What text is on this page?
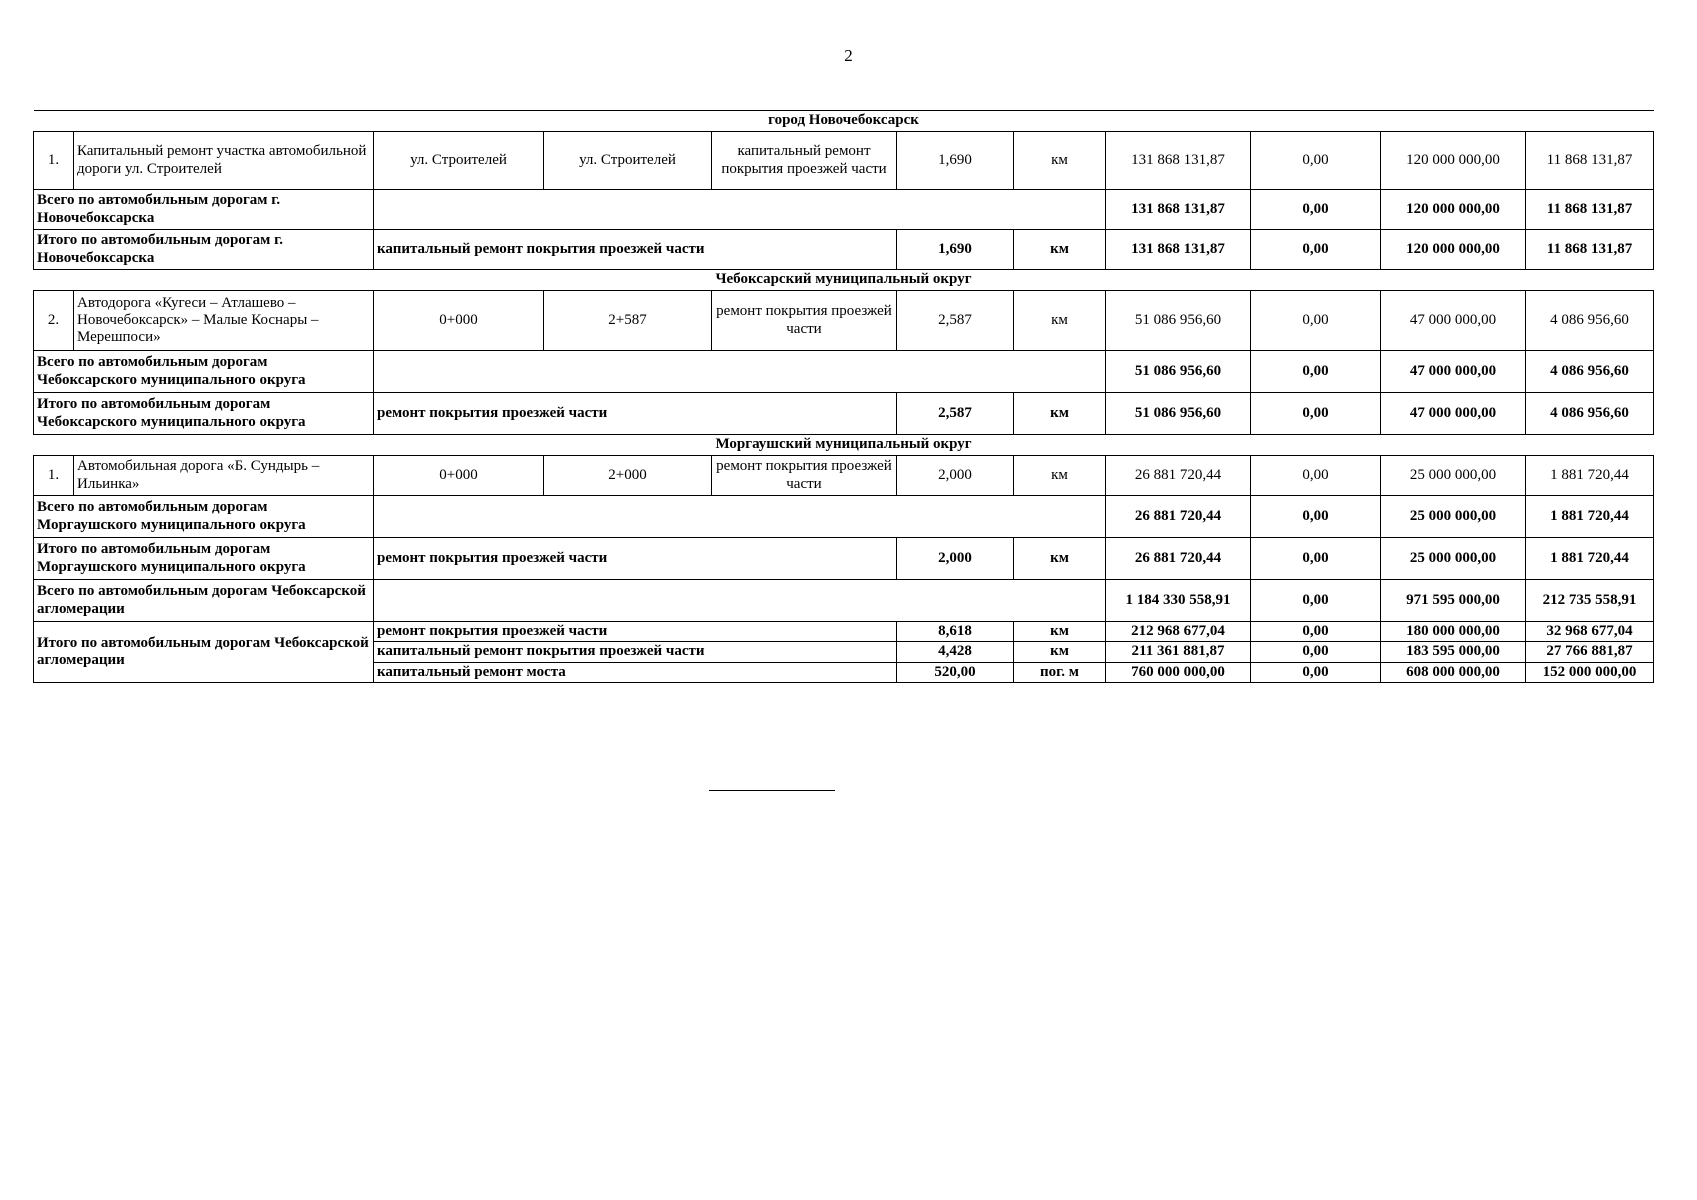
2
город Новочебоксарск										
1.	Капитальный ремонт участка автомобильной дороги ул. Строителей	ул. Строителей	ул. Строителей	капитальный ремонт покрытия проезжей части	1,690	км	131 868 131,87	0,00	120 000 000,00	11 868 131,87
Всего по автомобильным дорогам г. Новочебоксарска							131 868 131,87	0,00	120 000 000,00	11 868 131,87
Итого по автомобильным дорогам г. Новочебоксарска		капитальный ремонт покрытия проезжей части			1,690	км	131 868 131,87	0,00	120 000 000,00	11 868 131,87
Чебоксарский муниципальный округ										
2.	Автодорога «Кугеси – Атлашево – Новочебоксарск» – Малые Коснары – Мерешпоси»	0+000	2+587	ремонт покрытия проезжей части	2,587	км	51 086 956,60	0,00	47 000 000,00	4 086 956,60
Всего по автомобильным дорогам Чебоксарского муниципального округа							51 086 956,60	0,00	47 000 000,00	4 086 956,60
Итого по автомобильным дорогам Чебоксарского муниципального округа		ремонт покрытия проезжей части			2,587	км	51 086 956,60	0,00	47 000 000,00	4 086 956,60
Моргаушский муниципальный округ										
1.	Автомобильная дорога «Б. Сундырь – Ильинка»	0+000	2+000	ремонт покрытия проезжей части	2,000	км	26 881 720,44	0,00	25 000 000,00	1 881 720,44
Всего по автомобильным дорогам Моргаушского муниципального округа							26 881 720,44	0,00	25 000 000,00	1 881 720,44
Итого по автомобильным дорогам Моргаушского муниципального округа		ремонт покрытия проезжей части			2,000	км	26 881 720,44	0,00	25 000 000,00	1 881 720,44
Всего по автомобильным дорогам Чебоксарской агломерации							1 184 330 558,91	0,00	971 595 000,00	212 735 558,91
Итого по автомобильным дорогам Чебоксарской агломерации		ремонт покрытия проезжей части			8,618	км	212 968 677,04	0,00	180 000 000,00	32 968 677,04
		капитальный ремонт покрытия проезжей части			4,428	км	211 361 881,87	0,00	183 595 000,00	27 766 881,87
		капитальный ремонт моста			520,00	пог. м	760 000 000,00	0,00	608 000 000,00	152 000 000,00
